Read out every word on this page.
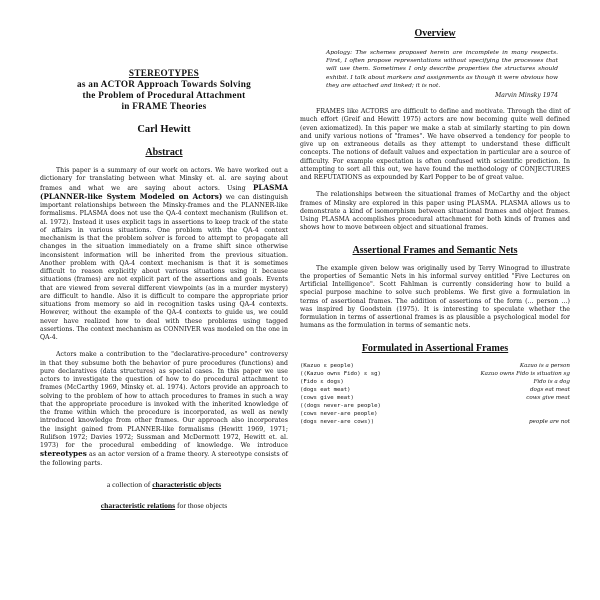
STEREOTYPES
as an ACTOR Approach Towards Solving
the Problem of Procedural Attachment
in FRAME Theories
Carl Hewitt
Abstract

This paper is a summary of our work on actors. We have worked out a dictionary for translating between what Minsky et. al. are saying about frames and what we are saying about actors. Using PLASMA (PLANNER-like System Modeled on Actors) we can distinguish important relationships between the Minsky-frames and the PLANNER-like formalisms. PLASMA does not use the QA-4 context mechanism (Rulifson et. al. 1972). Instead it uses explicit tags in assertions to keep track of the state of affairs in various situations. One problem with the QA-4 context mechanism is that the problem solver is forced to attempt to propagate all changes in the situation immediately on a frame shift since otherwise inconsistent information will be inherited from the previous situation. Another problem with QA-4 context mechanism is that it is sometimes difficult to reason explicitly about various situations using it because situations (frames) are not explicit part of the assertions and goals. Events that are viewed from several different viewpoints (as in a murder mystery) are difficult to handle. Also it is difficult to compare the appropriate prior situations from memory so aid in recognition tasks using QA-4 contexts. However, without the example of the QA-4 contexts to guide us, we could never have realized how to deal with these problems using tagged assertions. The context mechanism as CONNIVER was modeled on the one in QA-4.

Actors make a contribution to the "declarative-procedure" controversy in that they subsume both the behavior of pure procedures (functions) and pure declaratives (data structures) as special cases. In this paper we use actors to investigate the question of how to do procedural attachment to frames (McCarthy 1969, Minsky et. al. 1974). Actors provide an approach to solving to the problem of how to attach procedures to frames in such a way that the appropriate procedure is invoked with the inherited knowledge of the frame within which the procedure is incorporated, as well as newly introduced knowledge from other frames. Our approach also incorporates the insight gained from PLANNER-like formalisms (Hewitt 1969, 1971; Rulifson 1972; Davies 1972; Sussman and McDermott 1972, Hewitt et. al. 1973) for the procedural embedding of knowledge. We introduce stereotypes as an actor version of a frame theory. A stereotype consists of the following parts.

a collection of characteristic objects
characteristic relations for those objects
Overview
Apology: The schemes proposed herein are incomplete in many respects. First, I often propose representations without specifying the processes that will use them. Sometimes I only describe properties the structures should exhibit. I talk about markers and assignments as though it were obvious how they are attached and linked; it is not.
Marvin Minsky 1974

FRAMES like ACTORS are difficult to define and motivate. Through the dint of much effort (Greif and Hewitt 1975) actors are now becoming quite well defined (even axiomatized). In this paper we make a stab at similarly starting to pin down and unify various notions of "frames". We have observed a tendency for people to give up on extraneous details as they attempt to understand these difficult concepts. The notions of default values and expectation in particular are a source of difficulty. For example expectation is often confused with scientific prediction. In attempting to sort all this out, we have found the methodology of CONJECTURES and REFUTATIONS as expounded by Karl Popper to be of great value.

The relationships between the situational frames of McCarthy and the object frames of Minsky are explored in this paper using PLASMA. PLASMA allows us to demonstrate a kind of isomorphism between situational frames and object frames. Using PLASMA accomplishes procedural attachment for both kinds of frames and shows how to move between object and situational frames.

Assertional Frames and Semantic Nets

The example given below was originally used by Terry Winograd to illustrate the properties of Semantic Nets in his informal survey entitled "Five Lectures on Artificial Intelligence". Scott Fahlman is currently considering how to build a special purpose machine to solve such problems. We first give a formulation in terms of assertional frames. The addition of assertions of the form (... person ...) was inspired by Goodstein (1975). It is interesting to speculate whether the formulation in terms of assertional frames is as plausible a psychological model for humans as the formulation in terms of semantic nets.

Formulated in Assertional Frames
(Kazuo ε people)	Kazuo is a person
((Kazuo owns Fido) ε sg)	Kazuo owns Fido is situation sg
(Fido ε dogs)	Fido is a dog
(dogs eat meat)	dogs eat meat
(cows give meat)	cows give meat
((dogs never-are people)
(cows never-are people)
(dogs never-are cows))	people are not
